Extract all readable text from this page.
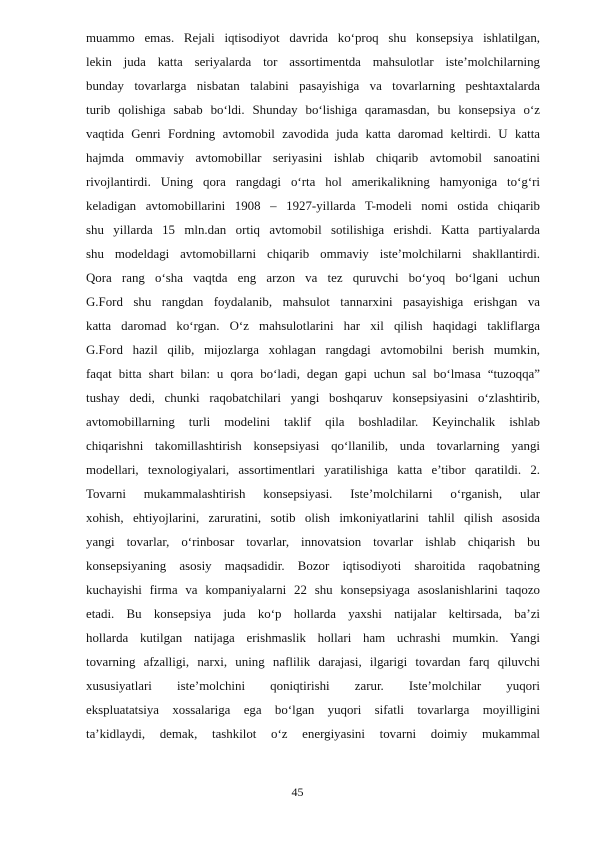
muammo emas. Rejali iqtisodiyot davrida ko‘proq shu konsepsiya ishlatilgan,
lekin juda katta seriyalarda tor assortimentda mahsulotlar iste’molchilarning
bunday tovarlarga nisbatan talabini pasayishiga va tovarlarning peshtaxtalarda
turib qolishiga sabab bo‘ldi. Shunday bo‘lishiga qaramasdan, bu konsepsiya o‘z
vaqtida Genri Fordning avtomobil zavodida juda katta daromad keltirdi. U katta
hajmda ommaviy avtomobillar seriyasini ishlab chiqarib avtomobil sanoatini
rivojlantirdi. Uning qora rangdagi o‘rta hol amerikalikning hamyoniga to‘g‘ri
keladigan avtomobillarini 1908 – 1927-yillarda T-modeli nomi ostida chiqarib
shu yillarda 15 mln.dan ortiq avtomobil sotilishiga erishdi. Katta partiyalarda
shu modeldagi avtomobillarni chiqarib ommaviy iste’molchilarni shakllantirdi.
Qora rang o‘sha vaqtda eng arzon va tez quruvchi bo‘yoq bo‘lgani uchun
G.Ford shu rangdan foydalanib, mahsulot tannarxini pasayishiga erishgan va
katta daromad ko‘rgan. O‘z mahsulotlarini har xil qilish haqidagi takliflarga
G.Ford hazil qilib, mijozlarga xohlagan rangdagi avtomobilni berish mumkin,
faqat bitta shart bilan: u qora bo‘ladi, degan gapi uchun sal bo‘lmasa “tuzoqqa”
tushay dedi, chunki raqobatchilari yangi boshqaruv konsepsiyasini o‘zlashtirib,
avtomobillarning turli modelini taklif qila boshladilar. Keyinchalik ishlab
chiqarishni takomillashtirish konsepsiyasi qo‘llanilib, unda tovarlarning yangi
modellari, texnologiyalari, assortimentlari yaratilishiga katta e’tibor qaratildi. 2.
Tovarni mukammalashtirish konsepsiyasi. Iste’molchilarni o‘rganish, ular
xohish, ehtiyojlarini, zaruratini, sotib olish imkoniyatlarini tahlil qilish asosida
yangi tovarlar, o‘rinbosar tovarlar, innovatsion tovarlar ishlab chiqarish bu
konsepsiyaning asosiy maqsadidir. Bozor iqtisodiyoti sharoitida raqobatning
kuchayishi firma va kompaniyalarni 22 shu konsepsiyaga asoslanishlarini taqozo
etadi. Bu konsepsiya juda ko‘p hollarda yaxshi natijalar keltirsada, ba’zi
hollarda kutilgan natijaga erishmaslik hollari ham uchrashi mumkin. Yangi
tovarning afzalligi, narxi, uning naflilik darajasi, ilgarigi tovardan farq qiluvchi
xususiyatlari iste’molchini qoniqtirishi zarur. Iste’molchilar yuqori
ekspluatatsiya xossalariga ega bo‘lgan yuqori sifatli tovarlarga moyilligini
ta’kidlaydi, demak, tashkilot o‘z energiyasini tovarni doimiy mukammal
45
